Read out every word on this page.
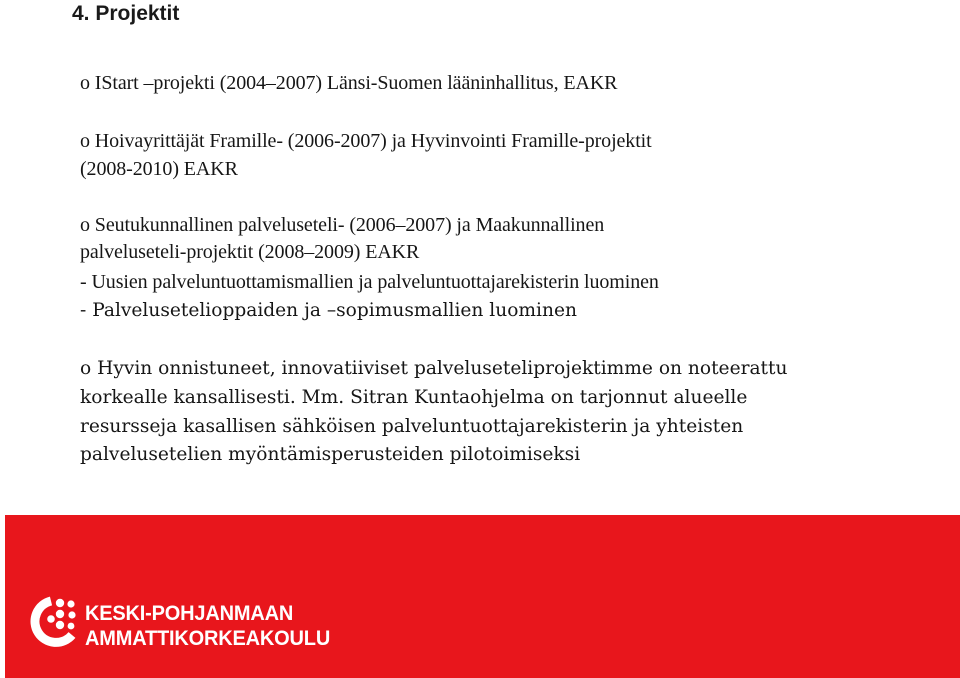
4. Projektit
o IStart –projekti (2004–2007) Länsi-Suomen lääninhallitus, EAKR
o Hoivayrittäjät Framille- (2006-2007) ja Hyvinvointi Framille-projektit
(2008-2010) EAKR
o Seutukunnallinen palveluseteli- (2006–2007) ja Maakunnallinen
palveluseteli-projektit (2008–2009) EAKR
- Uusien palveluntuottamismallien ja palveluntuottajarekisterin luominen
- Palvelusetelioppaiden ja –sopimusmallien luominen
o Hyvin onnistuneet, innovatiiviset palveluseteliprojektimme on noteerattu
korkealle kansallisesti. Mm. Sitran Kuntaohjelma on tarjonnut alueelle
resursseja kasallisen sähköisen palveluntuottajarekisterin ja yhteisten
palvelusetelien myöntämisperusteiden pilotoimiseksi
KESKI-POHJANMAAN
AMMATTIKORKEAKOULU
